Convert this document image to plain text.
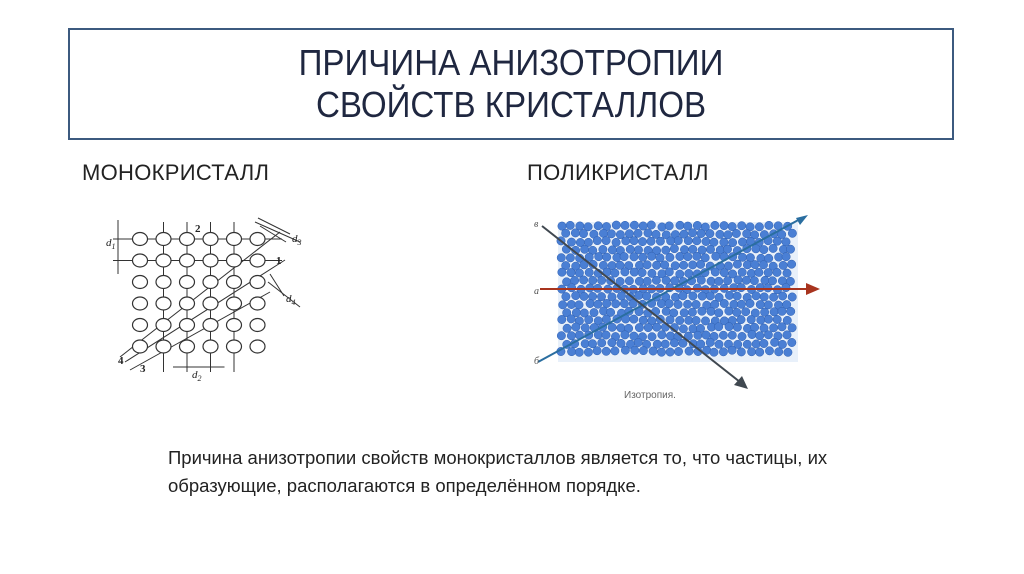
ПРИЧИНА АНИЗОТРОПИИ СВОЙСТВ КРИСТАЛЛОВ
МОНОКРИСТАЛЛ	ПОЛИКРИСТАЛЛ
$d_1$
$d_2$
$d_3$
$d_4$
1
2
3
4
в
а
б
Изотропия.
Причина анизотропии свойств монокристаллов является то, что частицы, их образующие, располагаются в определённом порядке.
